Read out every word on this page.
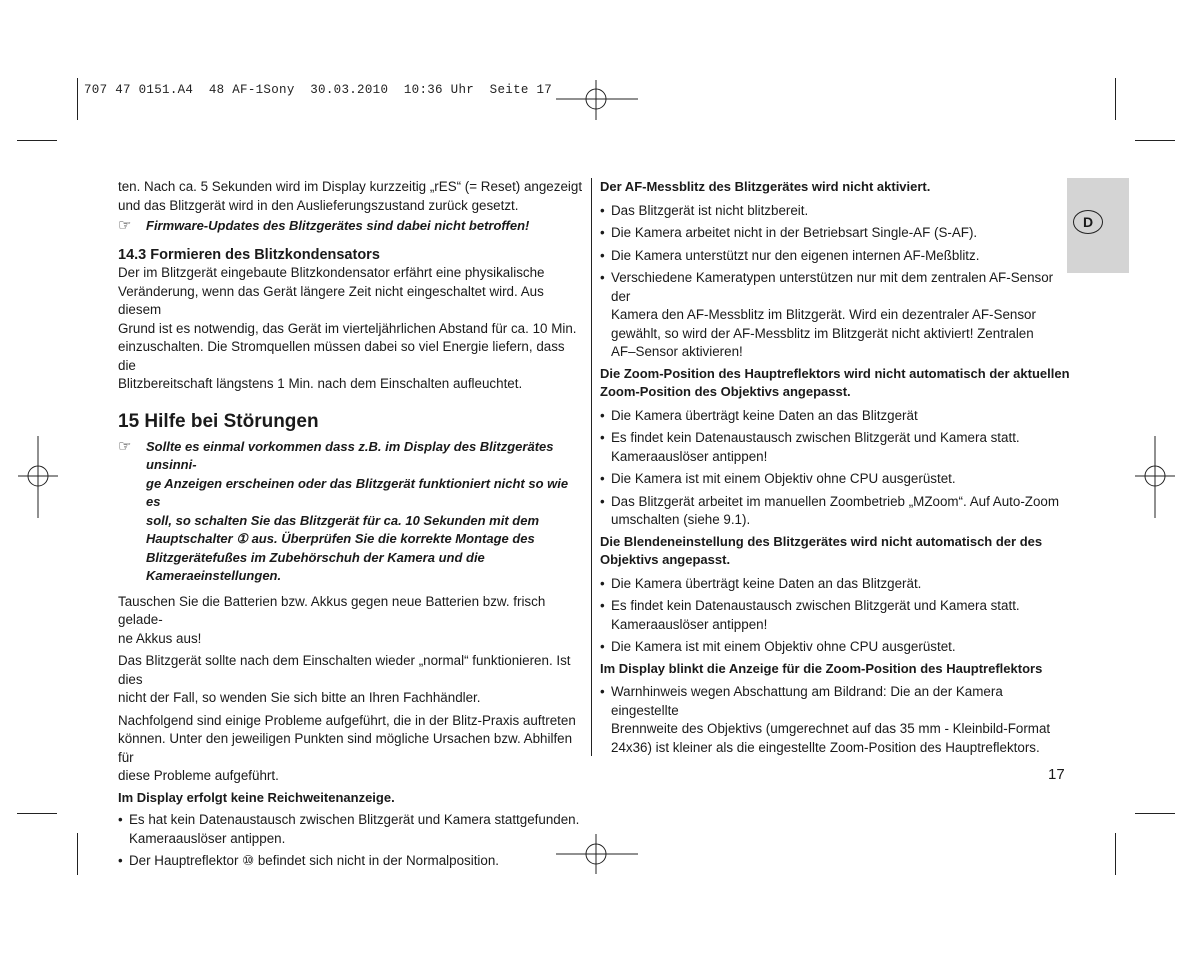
707 47 0151.A4  48 AF-1Sony  30.03.2010  10:36 Uhr  Seite 17
D

ten. Nach ca. 5 Sekunden wird im Display kurzzeitig „rES“ (= Reset) angezeigt

und das Blitzgerät wird in den Auslieferungszustand zurück gesetzt.

☞	Firmware-Updates des Blitzgerätes sind dabei nicht betroffen!

14.3 Formieren des Blitzkondensators

Der im Blitzgerät eingebaute Blitzkondensator erfährt eine physikalische

Veränderung, wenn das Gerät längere Zeit nicht eingeschaltet wird. Aus diesem

Grund ist es notwendig, das Gerät im vierteljährlichen Abstand für ca. 10 Min.

einzuschalten. Die Stromquellen müssen dabei so viel Energie liefern, dass die

Blitzbereitschaft längstens 1 Min. nach dem Einschalten aufleuchtet.

15 Hilfe bei Störungen

☞	Sollte es einmal vorkommen dass z.B. im Display des Blitzgerätes unsinni-

ge Anzeigen erscheinen oder das Blitzgerät funktioniert nicht so wie es

soll, so schalten Sie das Blitzgerät für ca. 10 Sekunden mit dem

Hauptschalter ① aus. Überprüfen Sie die korrekte Montage des

Blitzgerätefußes im Zubehörschuh der Kamera und die

Kameraeinstellungen.

Tauschen Sie die Batterien bzw. Akkus gegen neue Batterien bzw. frisch gelade-

ne Akkus aus!

Das Blitzgerät sollte nach dem Einschalten wieder „normal“ funktionieren. Ist dies

nicht der Fall, so wenden Sie sich bitte an Ihren Fachhändler.

Nachfolgend sind einige Probleme aufgeführt, die in der Blitz-Praxis auftreten

können. Unter den jeweiligen Punkten sind mögliche Ursachen bzw. Abhilfen für

diese Probleme aufgeführt.

Im Display erfolgt keine Reichweitenanzeige.

• Es hat kein Datenaustausch zwischen Blitzgerät und Kamera stattgefunden.

Kameraauslöser antippen.

• Der Hauptreflektor ⑩ befindet sich nicht in der Normalposition.

Der AF-Messblitz des Blitzgerätes wird nicht aktiviert.

• Das Blitzgerät ist nicht blitzbereit.

• Die Kamera arbeitet nicht in der Betriebsart Single-AF (S-AF).

• Die Kamera unterstützt nur den eigenen internen AF-Meßblitz.

• Verschiedene Kameratypen unterstützen nur mit dem zentralen AF-Sensor der

Kamera den AF-Messblitz im Blitzgerät. Wird ein dezentraler AF-Sensor

gewählt, so wird der AF-Messblitz im Blitzgerät nicht aktiviert! Zentralen

AF–Sensor aktivieren!

Die Zoom-Position des Hauptreflektors wird nicht automatisch der aktuellen

Zoom-Position des Objektivs angepasst.

• Die Kamera überträgt keine Daten an das Blitzgerät

• Es findet kein Datenaustausch zwischen Blitzgerät und Kamera statt.

Kameraauslöser antippen!

• Die Kamera ist mit einem Objektiv ohne CPU ausgerüstet.

• Das Blitzgerät arbeitet im manuellen Zoombetrieb „MZoom“. Auf Auto-Zoom

umschalten (siehe 9.1).

Die Blendeneinstellung des Blitzgerätes wird nicht automatisch der des

Objektivs angepasst.

• Die Kamera überträgt keine Daten an das Blitzgerät.

• Es findet kein Datenaustausch zwischen Blitzgerät und Kamera statt.

Kameraauslöser antippen!

• Die Kamera ist mit einem Objektiv ohne CPU ausgerüstet.

Im Display blinkt die Anzeige für die Zoom-Position des Hauptreflektors

• Warnhinweis wegen Abschattung am Bildrand: Die an der Kamera eingestellte

Brennweite des Objektivs (umgerechnet auf das 35 mm - Kleinbild-Format

24x36) ist kleiner als die eingestellte Zoom-Position des Hauptreflektors.

17
